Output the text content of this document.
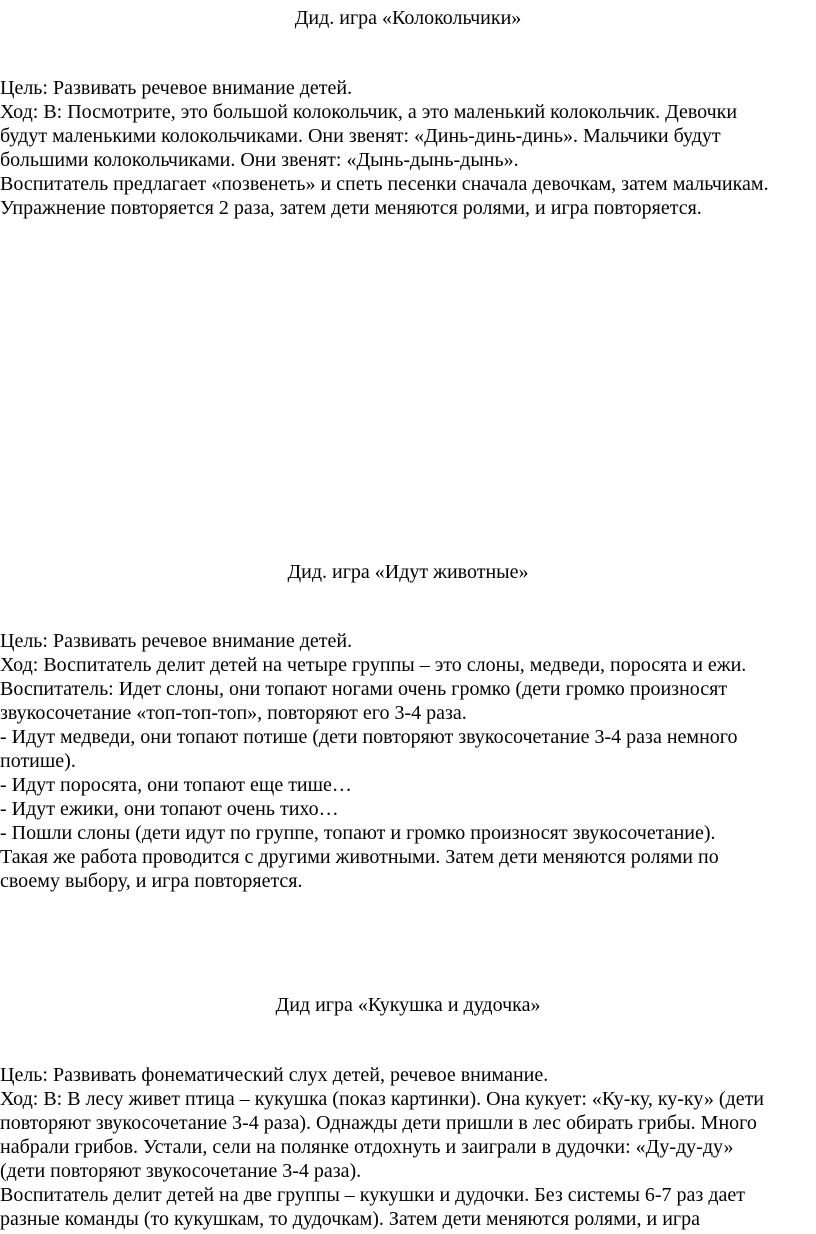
Дид. игра «Колокольчики»
Цель: Развивать речевое внимание детей.
Ход: В: Посмотрите, это большой колокольчик, а это маленький колокольчик. Девочки
будут маленькими колокольчиками. Они звенят: «Динь-динь-динь». Мальчики будут
большими колокольчиками. Они звенят: «Дынь-дынь-дынь».
Воспитатель предлагает «позвенеть» и спеть песенки сначала девочкам, затем мальчикам.
Упражнение повторяется 2 раза, затем дети меняются ролями, и игра повторяется.
Дид. игра «Идут животные»
Цель: Развивать речевое внимание детей.
Ход: Воспитатель делит детей на четыре группы – это слоны, медведи, поросята и ежи.
Воспитатель: Идет слоны, они топают ногами очень громко (дети громко произносят
звукосочетание «топ-топ-топ», повторяют его 3-4 раза.
- Идут медведи, они топают потише (дети повторяют звукосочетание 3-4 раза немного
потише).
- Идут поросята, они топают еще тише…
- Идут ежики, они топают очень тихо…
- Пошли слоны (дети идут по группе, топают и громко произносят звукосочетание).
Такая же работа проводится с другими животными. Затем дети меняются ролями по
своему выбору, и игра повторяется.
Дид игра «Кукушка и дудочка»
Цель: Развивать фонематический слух детей, речевое внимание.
Ход: В: В лесу живет птица – кукушка (показ картинки). Она кукует: «Ку-ку, ку-ку» (дети
повторяют звукосочетание 3-4 раза). Однажды дети пришли в лес обирать грибы. Много
набрали грибов. Устали, сели на полянке отдохнуть и заиграли в дудочки: «Ду-ду-ду»
(дети повторяют звукосочетание 3-4 раза).
Воспитатель делит детей на две группы – кукушки и дудочки. Без системы 6-7 раз дает
разные команды (то кукушкам, то дудочкам). Затем дети меняются ролями, и игра
